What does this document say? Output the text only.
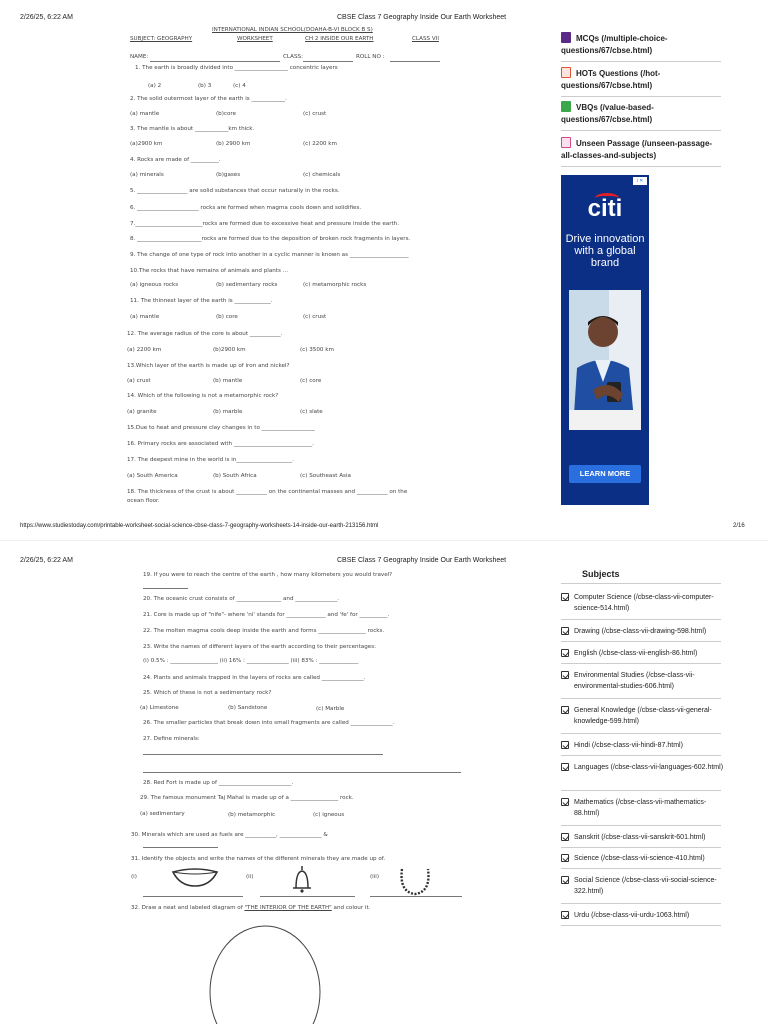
2/26/25, 6:22 AM	CBSE Class 7 Geography Inside Our Earth Worksheet
INTERNATIONAL INDIAN SCHOOL(DOAHA-B-VI BLOCK B S)
SUBJECT: GEOGRAPHY	WORKSHEET	CH 2 INSIDE OUR EARTH	CLASS VII
NAME:	CLASS:	ROLL NO :
1. The earth is broadly divided into ___________________ concentric layers
(a) 2	(b) 3	(c) 4
2. The solid outermost layer of the earth is ____________.
(a) mantle	(b)core	(c) crust
3. The mantle is about ____________km thick.
(a)2900 km	(b) 2900 km	(c) 2200 km
4. Rocks are made of __________.
(a) minerals	(b)gases	(c) chemicals
5. __________________ are solid substances that occur naturally in the rocks.
6. ______________________ rocks are formed when magma cools down and solidifies.
7.________________________rocks are formed due to excessive heat and pressure inside the earth.
8. _______________________rocks are formed due to the deposition of broken rock fragments in layers.
9. The change of one type of rock into another in a cyclic manner is known as _____________________
10.The rocks that have remains of animals and plants ...
(a) igneous rocks	(b) sedimentary rocks	(c) metamorphic rocks
11. The thinnest layer of the earth is _____________.
(a) mantle	(b) core	(c) crust
12. The average radius of the core is about ___________.
(a) 2200 km	(b)2900 km	(c) 3500 km
13.Which layer of the earth is made up of iron and nickel?
(a) crust	(b) mantle	(c) core
14. Which of the following is not a metamorphic rock?
(a) granite	(b) marble	(c) slate
15.Due to heat and pressure clay changes in to ___________________
16. Primary rocks are associated with ____________________________.
17. The deepest mine in the world is in____________________.
(a) South America	(b) South Africa	(c) Southeast Asia
18. The thickness of the crust is about ___________ on the continental masses and ___________ on the
ocean floor.
MCQs (/multiple-choice-questions/67/cbse.html)
HOTs Questions (/hot-questions/67/cbse.html)
VBQs (/value-based-questions/67/cbse.html)
Unseen Passage (/unseen-passage-all-classes-and-subjects)
i ✕
citi
Drive innovation with a global brand
LEARN MORE
https://www.studiestoday.com/printable-worksheet-social-science-cbse-class-7-geography-worksheets-14-inside-our-earth-213156.html	2/16
2/26/25, 6:22 AM	CBSE Class 7 Geography Inside Our Earth Worksheet
19. If you were to reach the centre of the earth , how many kilometers you would travel?
20. The oceanic crust consists of ________________ and _______________.
21. Core is made up of "nife"- where 'ni' stands for ______________ and 'fe' for __________.
22. The molten magma cools deep inside the earth and forms _________________ rocks.
23. Write the names of different layers of the earth according to their percentages:
(i) 0.5% : _________________ (ii) 16% : _______________ (iii) 83% : ______________
24. Plants and animals trapped in the layers of rocks are called _______________.
25. Which of these is not a sedimentary rock?
(a) Limestone	(b) Sandstone	(c) Marble
26. The smaller particles that break down into small fragments are called _______________.
27. Define minerals:
28. Red Fort is made up of __________________________.
29. The famous monument Taj Mahal is made up of a _________________ rock.
(a) sedimentary	(b) metamorphic	(c) igneous
30. Minerals which are used as fuels are ___________, _______________ &
31. Identify the objects and write the names of the different minerals they are made up of.
(i)	(ii)	(iii)
32. Draw a neat and labeled diagram of "THE INTERIOR OF THE EARTH" and colour it.
Subjects
Computer Science (/cbse-class-vii-computer-science-514.html)
Drawing (/cbse-class-vii-drawing-598.html)
English (/cbse-class-vii-english-86.html)
Environmental Studies (/cbse-class-vii-environmental-studies-606.html)
General Knowledge (/cbse-class-vii-general-knowledge-599.html)
Hindi (/cbse-class-vii-hindi-87.html)
Languages (/cbse-class-vii-languages-602.html)
Mathematics (/cbse-class-vii-mathematics-88.html)
Sanskrit (/cbse-class-vii-sanskrit-601.html)
Science (/cbse-class-vii-science-410.html)
Social Science (/cbse-class-vii-social-science-322.html)
Urdu (/cbse-class-vii-urdu-1063.html)
